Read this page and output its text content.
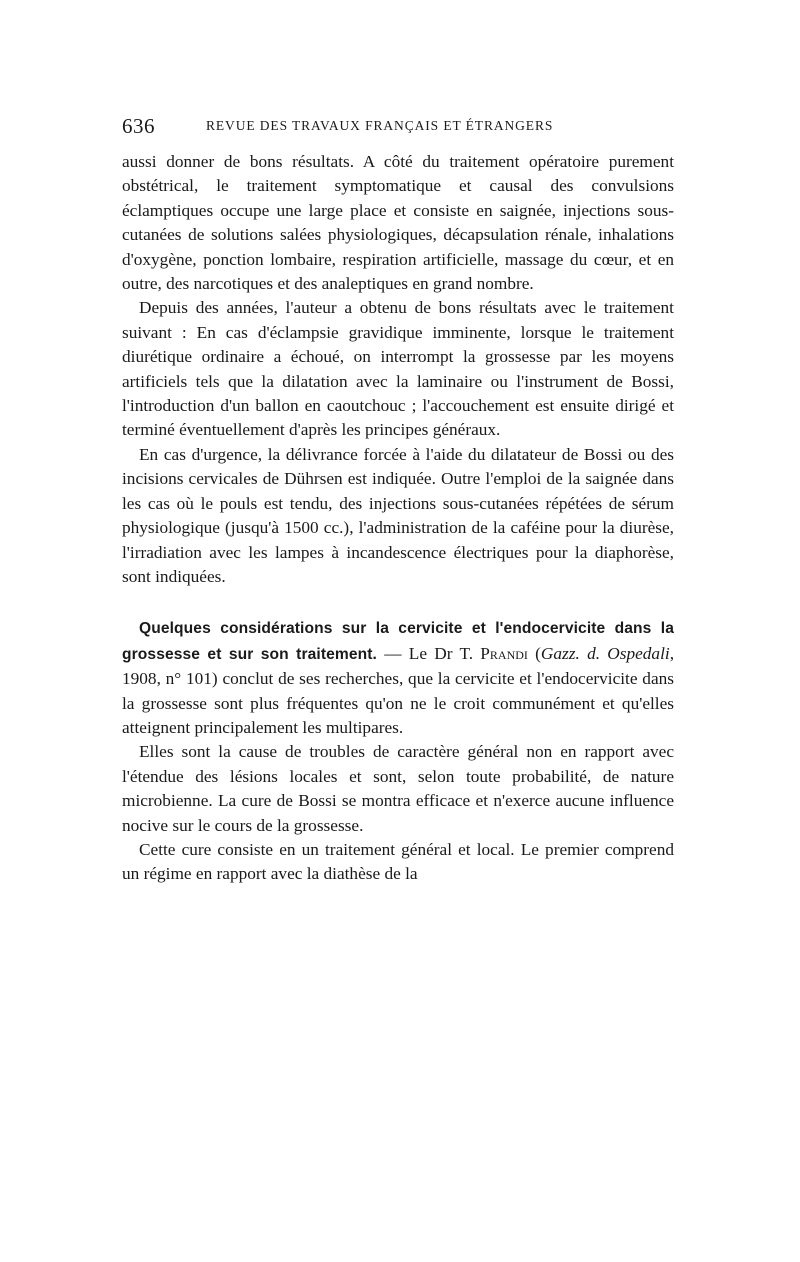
636	REVUE DES TRAVAUX FRANÇAIS ET ÉTRANGERS

aussi donner de bons résultats. A côté du traitement opératoire purement obstétrical, le traitement symptomatique et causal des convulsions éclamptiques occupe une large place et consiste en saignée, injections sous-cutanées de solutions salées physiologiques, décapsulation rénale, inhalations d'oxygène, ponction lombaire, respiration artificielle, massage du cœur, et en outre, des narcotiques et des analeptiques en grand nombre.

Depuis des années, l'auteur a obtenu de bons résultats avec le traitement suivant : En cas d'éclampsie gravidique imminente, lorsque le traitement diurétique ordinaire a échoué, on interrompt la grossesse par les moyens artificiels tels que la dilatation avec la laminaire ou l'instrument de Bossi, l'introduction d'un ballon en caoutchouc ; l'accouchement est ensuite dirigé et terminé éventuellement d'après les principes généraux.

En cas d'urgence, la délivrance forcée à l'aide du dilatateur de Bossi ou des incisions cervicales de Dührsen est indiquée. Outre l'emploi de la saignée dans les cas où le pouls est tendu, des injections sous-cutanées répétées de sérum physiologique (jusqu'à 1500 cc.), l'administration de la caféine pour la diurèse, l'irradiation avec les lampes à incandescence électriques pour la diaphorèse, sont indiquées.

Quelques considérations sur la cervicite et l'endocervicite dans la grossesse et sur son traitement. — Le Dr T. Prandi (Gazz. d. Ospedali, 1908, n° 101) conclut de ses recherches, que la cervicite et l'endocervicite dans la grossesse sont plus fréquentes qu'on ne le croit communément et qu'elles atteignent principalement les multipares.

Elles sont la cause de troubles de caractère général non en rapport avec l'étendue des lésions locales et sont, selon toute probabilité, de nature microbienne. La cure de Bossi se montra efficace et n'exerce aucune influence nocive sur le cours de la grossesse.

Cette cure consiste en un traitement général et local. Le premier comprend un régime en rapport avec la diathèse de la
